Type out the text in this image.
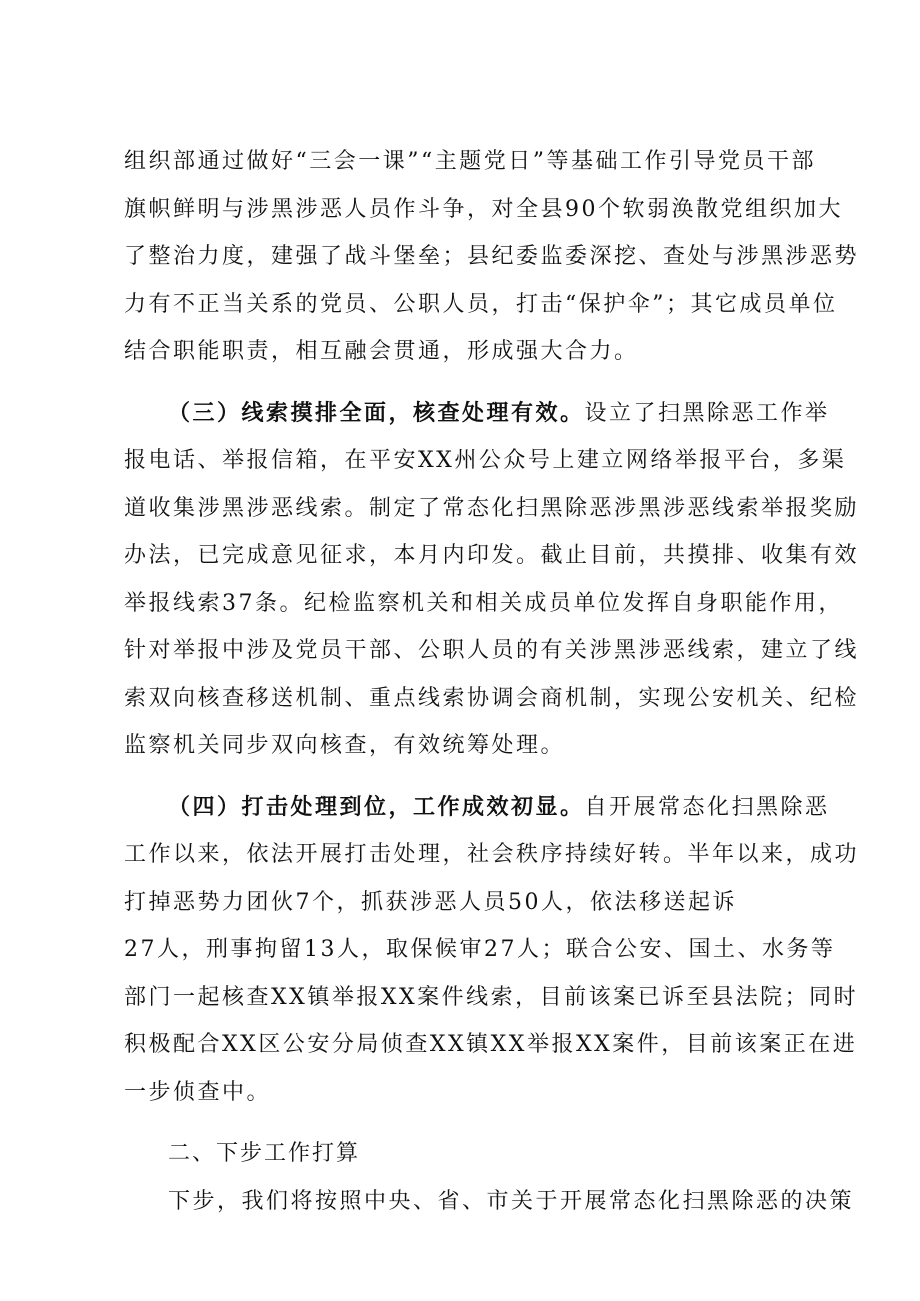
组织部通过做好“三会一课”“主题党日”等基础工作引导党员干部
旗帜鲜明与涉黑涉恶人员作斗争，对全县90个软弱涣散党组织加大
了整治力度，建强了战斗堡垒；县纪委监委深挖、查处与涉黑涉恶势
力有不正当关系的党员、公职人员，打击“保护伞”；其它成员单位
结合职能职责，相互融会贯通，形成强大合力。
（三）线索摸排全面，核查处理有效。设立了扫黑除恶工作举
报电话、举报信箱，在平安XX州公众号上建立网络举报平台，多渠
道收集涉黑涉恶线索。制定了常态化扫黑除恶涉黑涉恶线索举报奖励
办法，已完成意见征求，本月内印发。截止目前，共摸排、收集有效
举报线索37条。纪检监察机关和相关成员单位发挥自身职能作用，
针对举报中涉及党员干部、公职人员的有关涉黑涉恶线索，建立了线
索双向核查移送机制、重点线索协调会商机制，实现公安机关、纪检
监察机关同步双向核查，有效统筹处理。
（四）打击处理到位，工作成效初显。自开展常态化扫黑除恶
工作以来，依法开展打击处理，社会秩序持续好转。半年以来，成功
打掉恶势力团伙7个，抓获涉恶人员50人，依法移送起诉
27人，刑事拘留13人，取保候审27人；联合公安、国土、水务等
部门一起核查XX镇举报XX案件线索，目前该案已诉至县法院；同时
积极配合XX区公安分局侦查XX镇XX举报XX案件，目前该案正在进
一步侦查中。
二、下步工作打算
下步，我们将按照中央、省、市关于开展常态化扫黑除恶的决策
